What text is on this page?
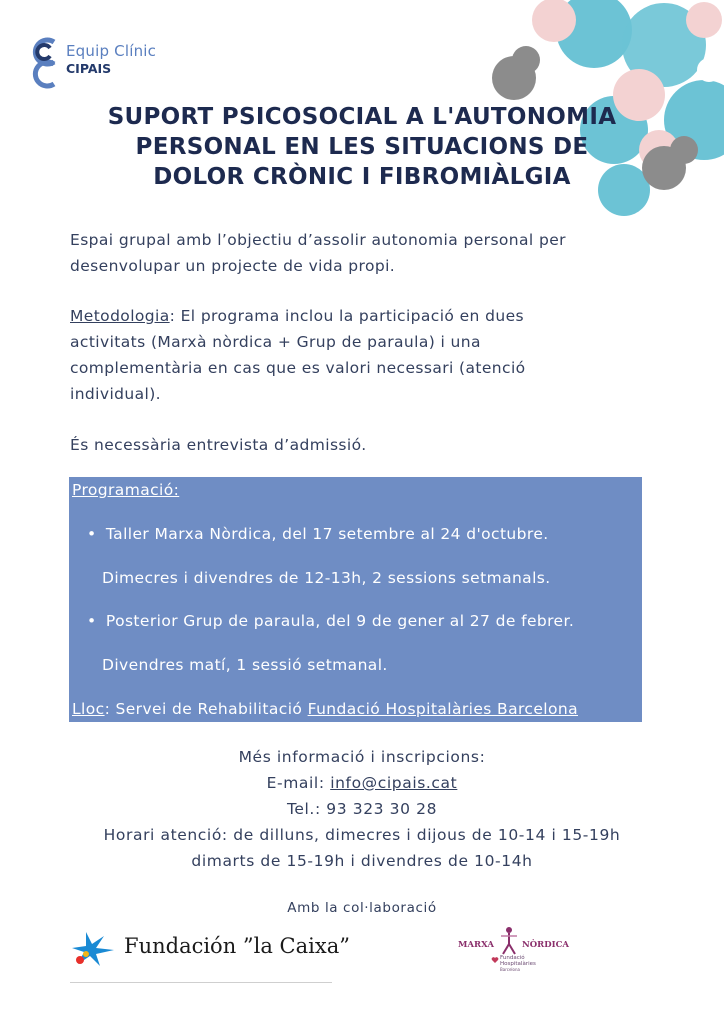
Equip Clínic
CIPAIS
SUPORT PSICOSOCIAL A L'AUTONOMIA
PERSONAL EN LES SITUACIONS DE
DOLOR CRÒNIC I FIBROMIÀLGIA
Espai grupal amb l’objectiu d’assolir autonomia personal per
desenvolupar un projecte de vida propi.
Metodologia: El programa inclou la participació en dues
activitats (Marxà nòrdica + Grup de paraula) i una
complementària en cas que es valori necessari (atenció
individual).
És necessària entrevista d’admissió.
Programació:
• Taller Marxa Nòrdica, del 17 setembre al 24 d'octubre.
Dimecres i divendres de 12-13h, 2 sessions setmanals.
• Posterior Grup de paraula, del 9 de gener al 27 de febrer.
Divendres matí, 1 sessió setmanal.
Lloc: Servei de Rehabilitació Fundació Hospitalàries Barcelona
Més informació i inscripcions:
E-mail: info@cipais.cat
Tel.: 93 323 30 28
Horari atenció: de dilluns, dimecres i dijous de 10-14 i 15-19h
dimarts de 15-19h i divendres de 10-14h
Amb la col·laboració
Fundación ”la Caixa”	MARXA	NÒRDICA
Fundació
Hospitalàries
Barcelona
